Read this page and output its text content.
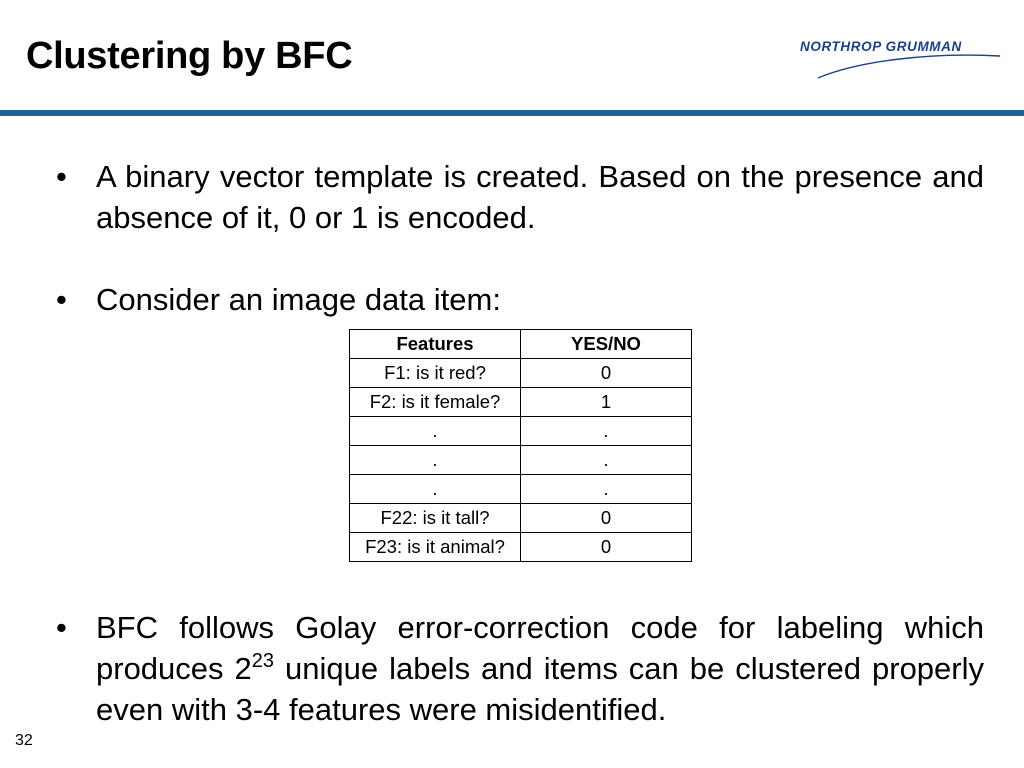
Clustering by BFC	NORTHROP GRUMMAN
• A binary vector template is created. Based on the presence and absence of it, 0 or 1 is encoded.
• Consider an image data item:
Features	YES/NO
F1: is it red?	0
F2: is it female?	1
.	.
.	.
.	.
F22: is it tall?	0
F23: is it animal?	0
• BFC follows Golay error-correction code for labeling which produces $2^{23}$ unique labels and items can be clustered properly even with 3-4 features were misidentified.
32
